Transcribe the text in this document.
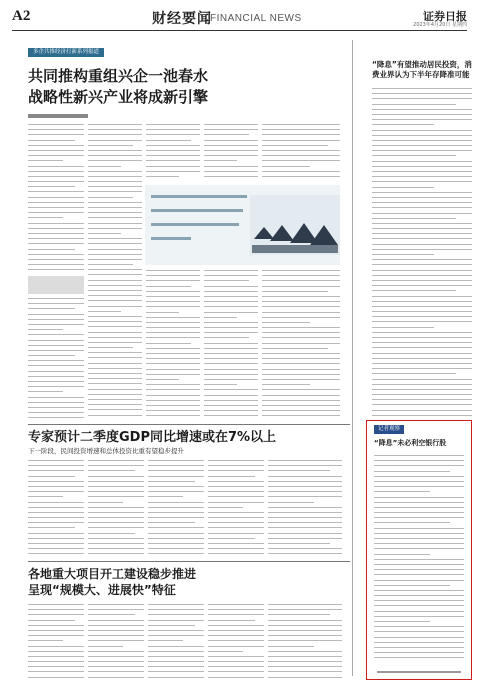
A2	财经要闻
FINANCIAL NEWS	证券日报
2023年4月20日 星期四
多企共推经济打新系列报道
共同推构重组兴企一池春水
战略性新兴产业将成新引擎
专家预计二季度GDP同比增速或在7%以上
下一阶段，民间投资增速和总体投资比重有望稳步提升
各地重大项目开工建设稳步推进
呈现“规模大、进展快”特征
“降息”有望推动居民投资，消费业界认为下半年存降准可能
记者观察
“降息”未必利空银行股
